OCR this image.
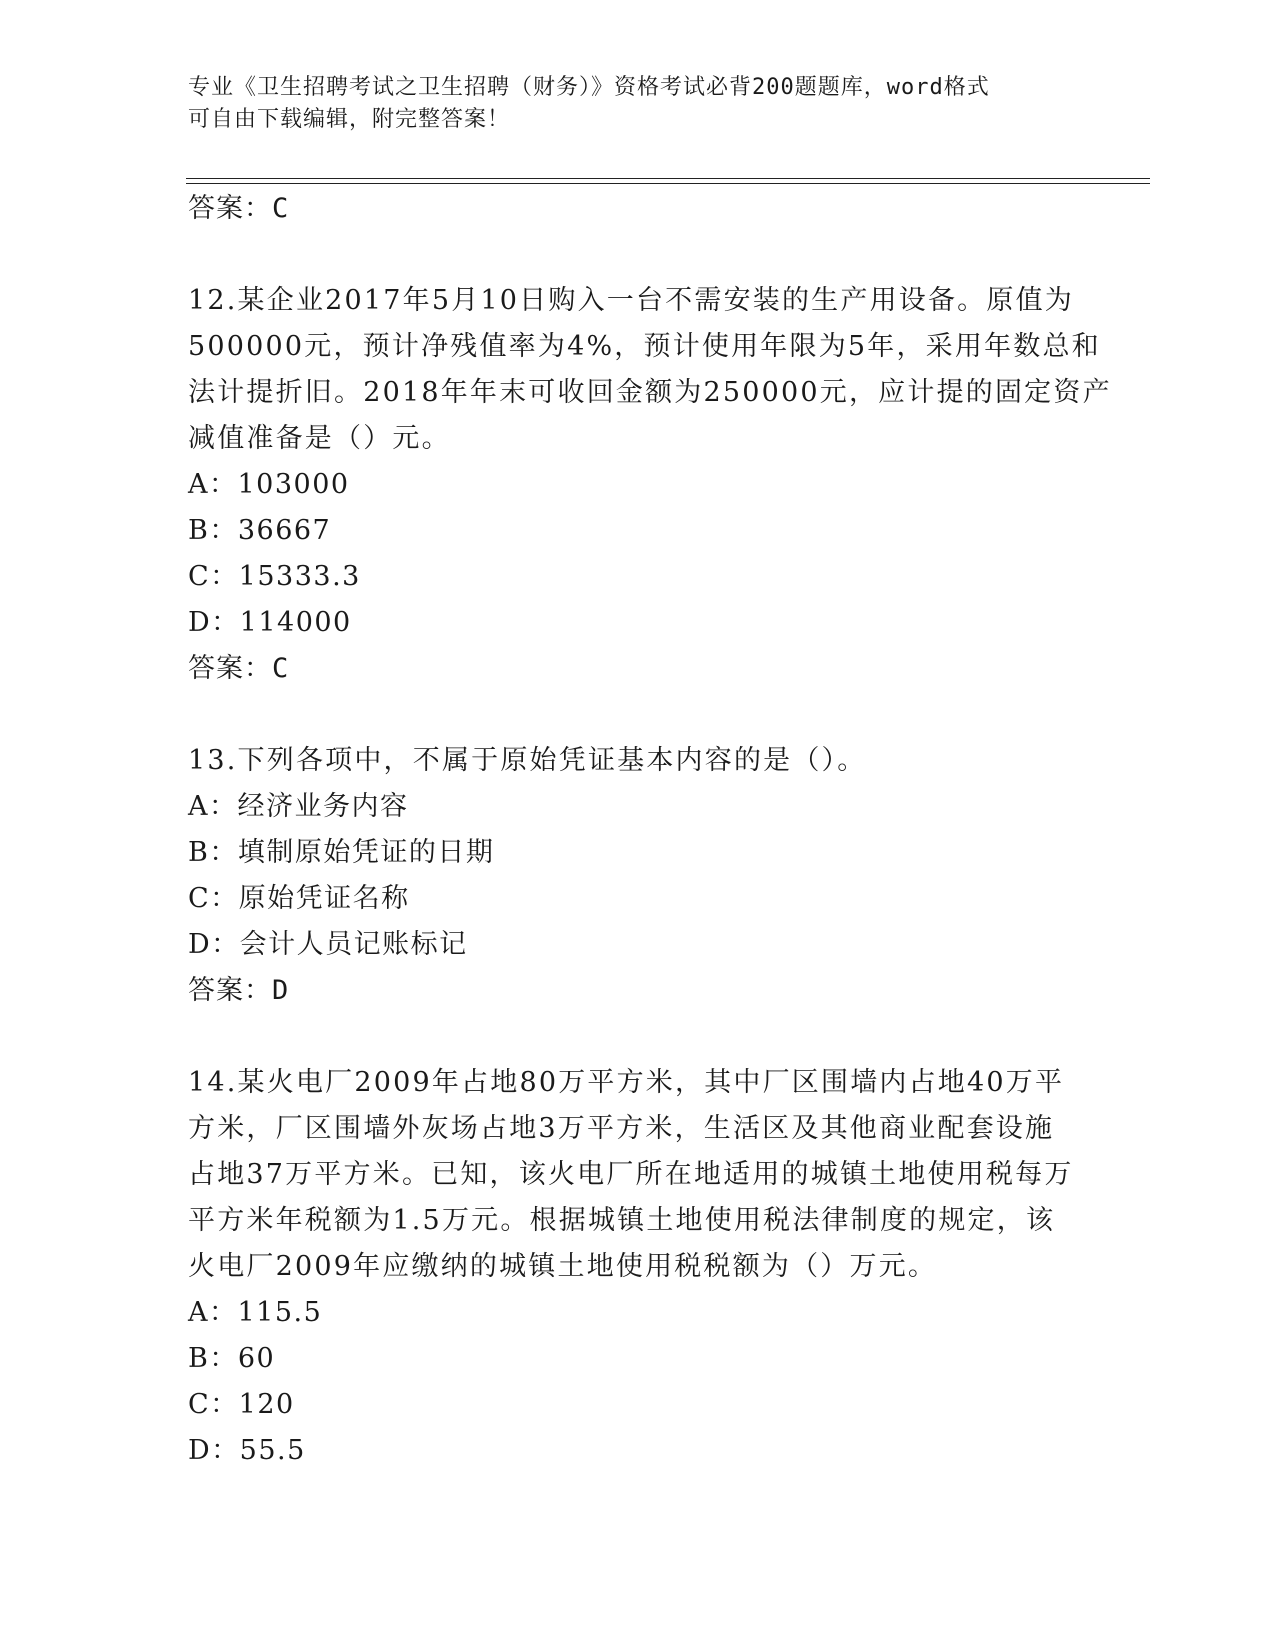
专业《卫生招聘考试之卫生招聘（财务）》资格考试必背200题题库，word格式
可自由下载编辑，附完整答案！
答案：C
12.某企业2017年5月10日购入一台不需安装的生产用设备。原值为
500000元，预计净残值率为4%，预计使用年限为5年，采用年数总和
法计提折旧。2018年年末可收回金额为250000元，应计提的固定资产
减值准备是（）元。
A：103000
B：36667
C：15333.3
D：114000
答案：C
13.下列各项中，不属于原始凭证基本内容的是（）。
A：经济业务内容
B：填制原始凭证的日期
C：原始凭证名称
D：会计人员记账标记
答案：D
14.某火电厂2009年占地80万平方米，其中厂区围墙内占地40万平
方米，厂区围墙外灰场占地3万平方米，生活区及其他商业配套设施
占地37万平方米。已知，该火电厂所在地适用的城镇土地使用税每万
平方米年税额为1.5万元。根据城镇土地使用税法律制度的规定，该
火电厂2009年应缴纳的城镇土地使用税税额为（）万元。
A：115.5
B：60
C：120
D：55.5
